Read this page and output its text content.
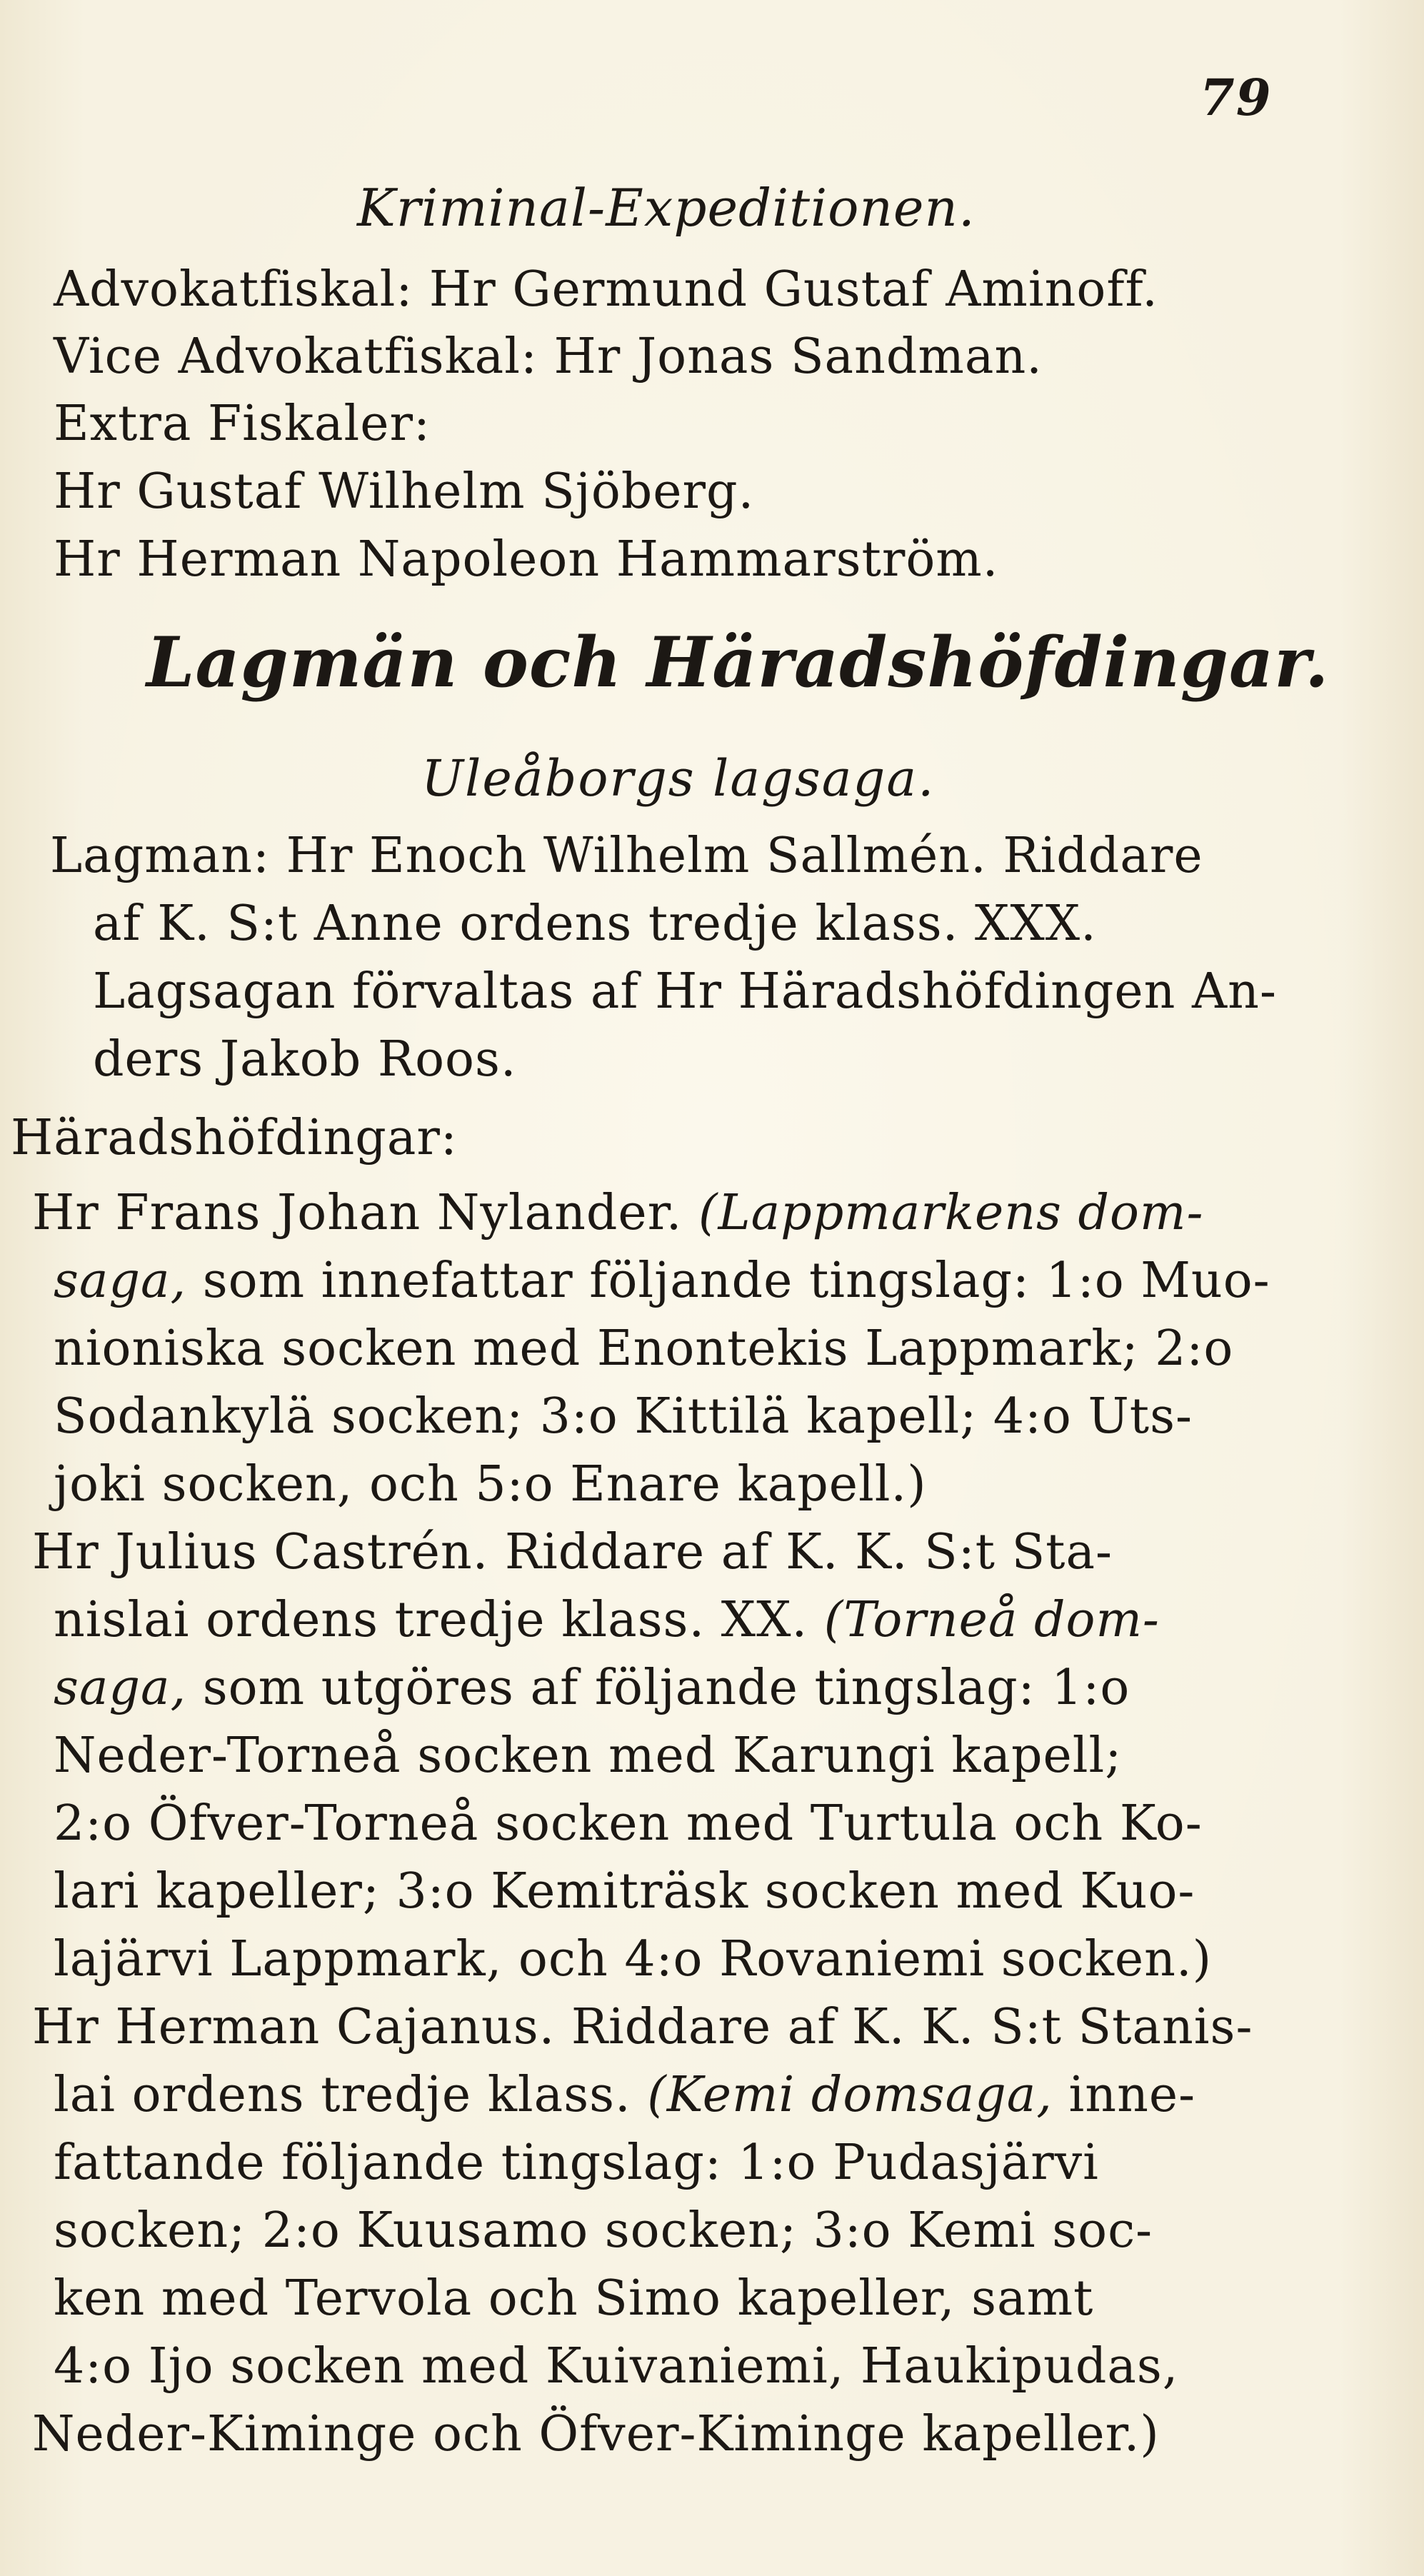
79
Kriminal-Expeditionen.
Advokatfiskal: Hr Germund Gustaf Aminoff.
Vice Advokatfiskal: Hr Jonas Sandman.
Extra Fiskaler:
Hr Gustaf Wilhelm Sjöberg.
Hr Herman Napoleon Hammarström.
Lagmän och Häradshöfdingar.
Uleåborgs lagsaga.
Lagman: Hr Enoch Wilhelm Sallmén. Riddare
af K. S:t Anne ordens tredje klass. XXX.
Lagsagan förvaltas af Hr Häradshöfdingen An-
ders Jakob Roos.
Häradshöfdingar:
Hr Frans Johan Nylander. (Lappmarkens dom-
saga, som innefattar följande tingslag: 1:o Muo-
nioniska socken med Enontekis Lappmark; 2:o
Sodankylä socken; 3:o Kittilä kapell; 4:o Uts-
joki socken, och 5:o Enare kapell.)
Hr Julius Castrén. Riddare af K. K. S:t Sta-
nislai ordens tredje klass. XX. (Torneå dom-
saga, som utgöres af följande tingslag: 1:o
Neder-Torneå socken med Karungi kapell;
2:o Öfver-Torneå socken med Turtula och Ko-
lari kapeller; 3:o Kemiträsk socken med Kuo-
lajärvi Lappmark, och 4:o Rovaniemi socken.)
Hr Herman Cajanus. Riddare af K. K. S:t Stanis-
lai ordens tredje klass. (Kemi domsaga, inne-
fattande följande tingslag: 1:o Pudasjärvi
socken; 2:o Kuusamo socken; 3:o Kemi soc-
ken med Tervola och Simo kapeller, samt
4:o Ijo socken med Kuivaniemi, Haukipudas,
Neder-Kiminge och Öfver-Kiminge kapeller.)
